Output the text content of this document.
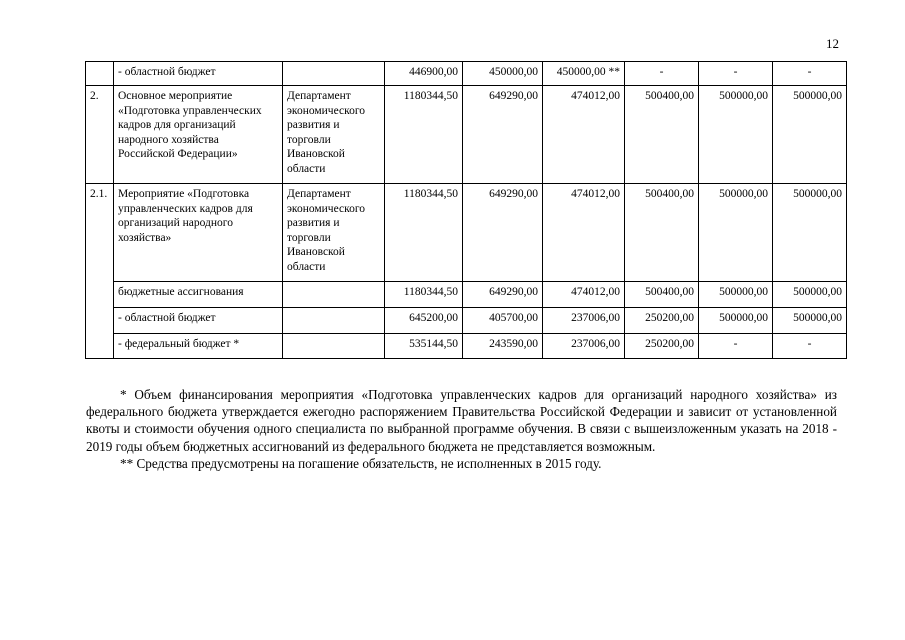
12
	- областной бюджет		446900,00	450000,00	450000,00 **	-	-	-
2.	Основное мероприятие «Подготовка управленческих кадров для организаций народного хозяйства Российской Федерации»	Департамент экономического развития и торговли Ивановской области	1180344,50	649290,00	474012,00	500400,00	500000,00	500000,00
2.1.	Мероприятие «Подготовка управленческих кадров для организаций народного хозяйства»	Департамент экономического развития и торговли Ивановской области	1180344,50	649290,00	474012,00	500400,00	500000,00	500000,00
	бюджетные ассигнования		1180344,50	649290,00	474012,00	500400,00	500000,00	500000,00
	- областной бюджет		645200,00	405700,00	237006,00	250200,00	500000,00	500000,00
	- федеральный бюджет *		535144,50	243590,00	237006,00	250200,00	-	-

* Объем финансирования мероприятия «Подготовка управленческих кадров для организаций народного хозяйства» из федерального бюджета утверждается ежегодно распоряжением Правительства Российской Федерации и зависит от установленной квоты и стоимости обучения одного специалиста по выбранной программе обучения. В связи с вышеизложенным указать на 2018 - 2019 годы объем бюджетных ассигнований из федерального бюджета не представляется возможным.

** Средства предусмотрены на погашение обязательств, не исполненных в 2015 году.
